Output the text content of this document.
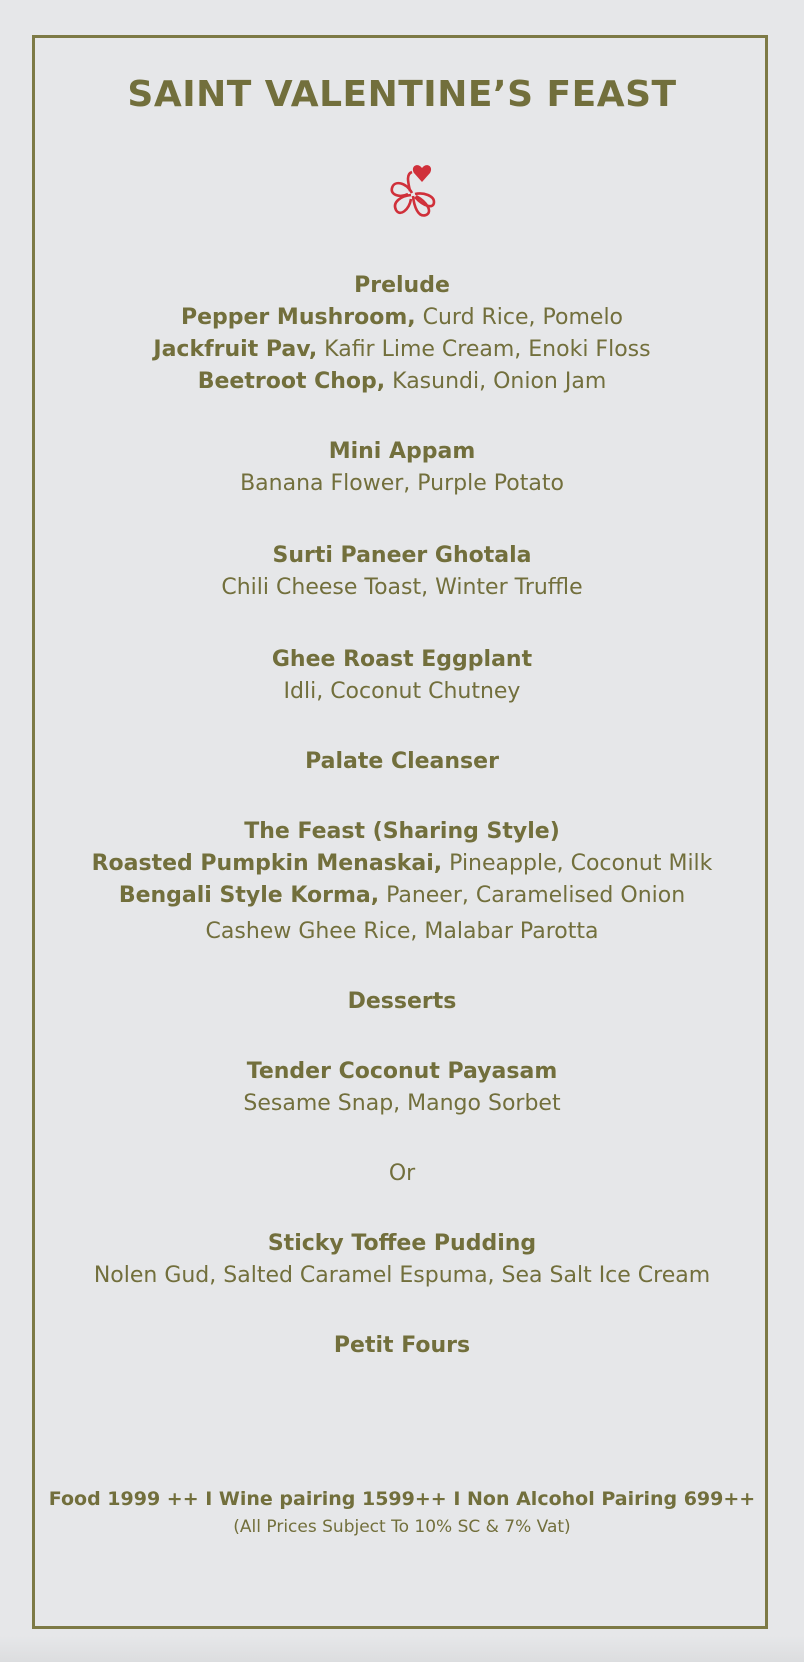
SAINT VALENTINE’S FEAST
Prelude
Pepper Mushroom, Curd Rice, Pomelo
Jackfruit Pav, Kafir Lime Cream, Enoki Floss
Beetroot Chop, Kasundi, Onion Jam
Mini Appam
Banana Flower, Purple Potato
Surti Paneer Ghotala
Chili Cheese Toast, Winter Truffle
Ghee Roast Eggplant
Idli, Coconut Chutney
Palate Cleanser
The Feast (Sharing Style)
Roasted Pumpkin Menaskai, Pineapple, Coconut Milk
Bengali Style Korma, Paneer, Caramelised Onion
Cashew Ghee Rice, Malabar Parotta
Desserts
Tender Coconut Payasam
Sesame Snap, Mango Sorbet
Or
Sticky Toffee Pudding
Nolen Gud, Salted Caramel Espuma, Sea Salt Ice Cream
Petit Fours
Food 1999 ++ I Wine pairing 1599++ I Non Alcohol Pairing 699++
(All Prices Subject To 10% SC & 7% Vat)
